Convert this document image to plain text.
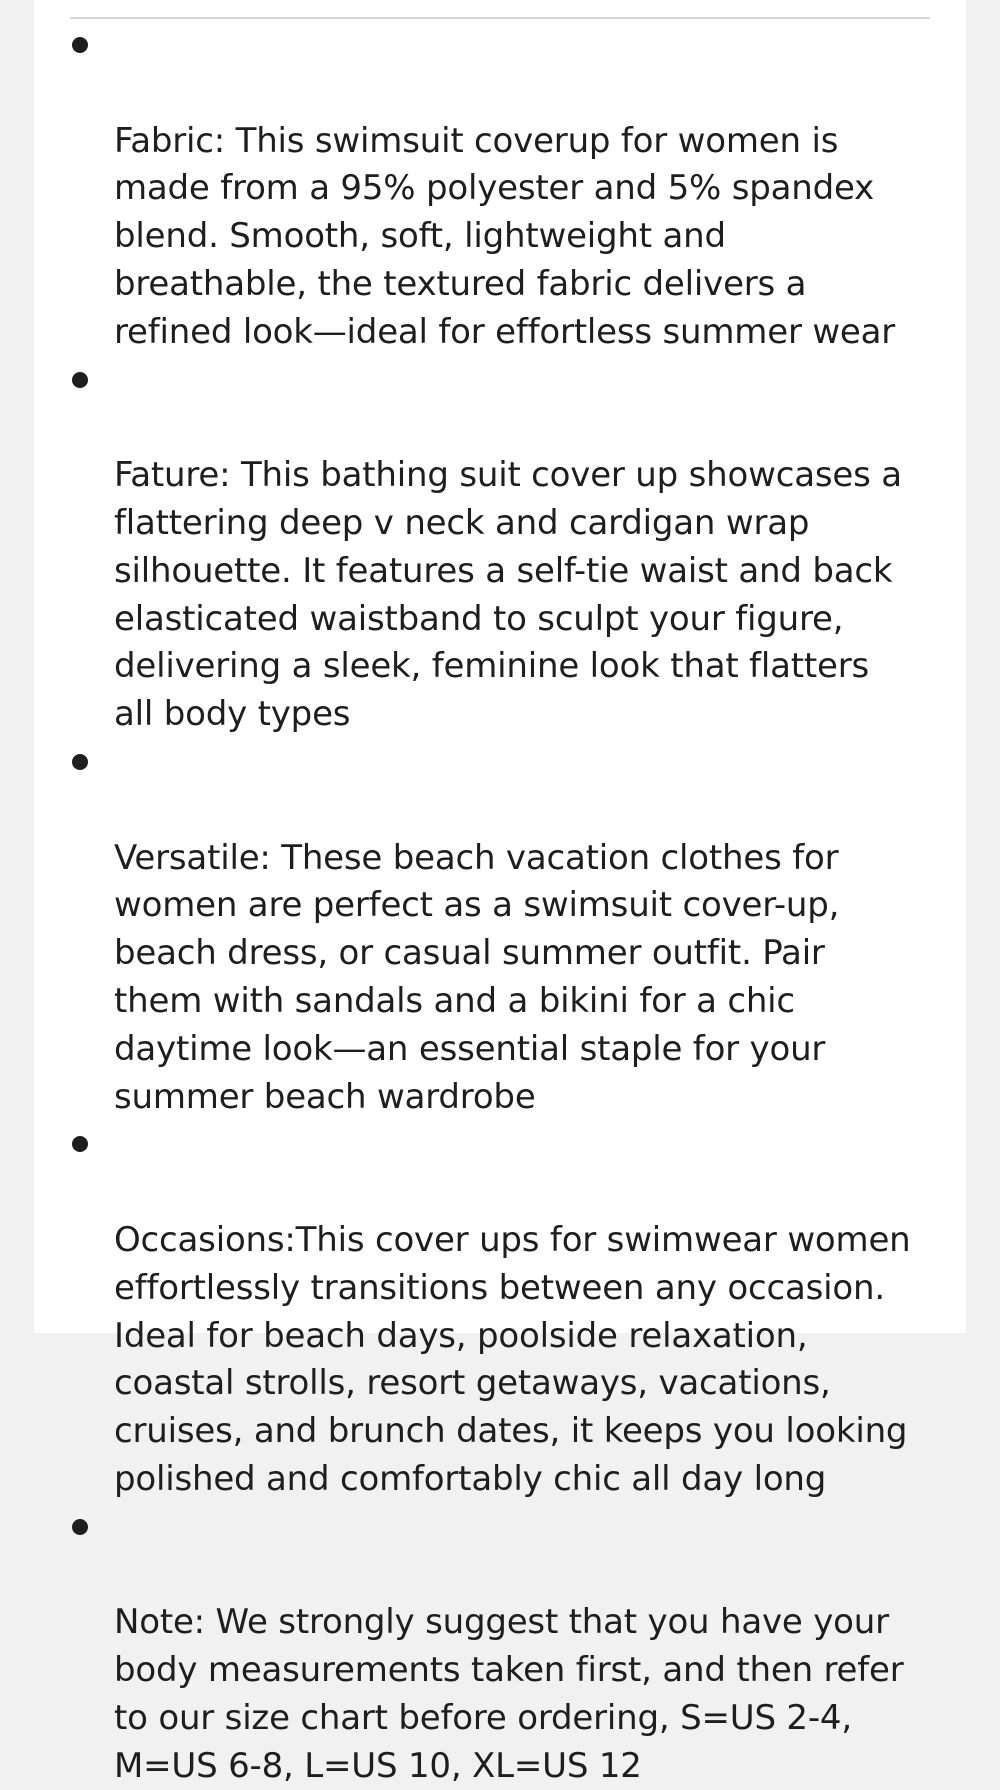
Fabric: This swimsuit coverup for women is
made from a 95% polyester and 5% spandex
blend. Smooth, soft, lightweight and
breathable, the textured fabric delivers a
refined look—ideal for effortless summer wear

Fature: This bathing suit cover up showcases a
flattering deep v neck and cardigan wrap
silhouette. It features a self-tie waist and back
elasticated waistband to sculpt your figure,
delivering a sleek, feminine look that flatters
all body types

Versatile: These beach vacation clothes for
women are perfect as a swimsuit cover-up,
beach dress, or casual summer outfit. Pair
them with sandals and a bikini for a chic
daytime look—an essential staple for your
summer beach wardrobe

Occasions:This cover ups for swimwear women
effortlessly transitions between any occasion.
Ideal for beach days, poolside relaxation,
coastal strolls, resort getaways, vacations,
cruises, and brunch dates, it keeps you looking
polished and comfortably chic all day long

Note: We strongly suggest that you have your
body measurements taken first, and then refer
to our size chart before ordering, S=US 2-4,
M=US 6-8, L=US 10, XL=US 12
